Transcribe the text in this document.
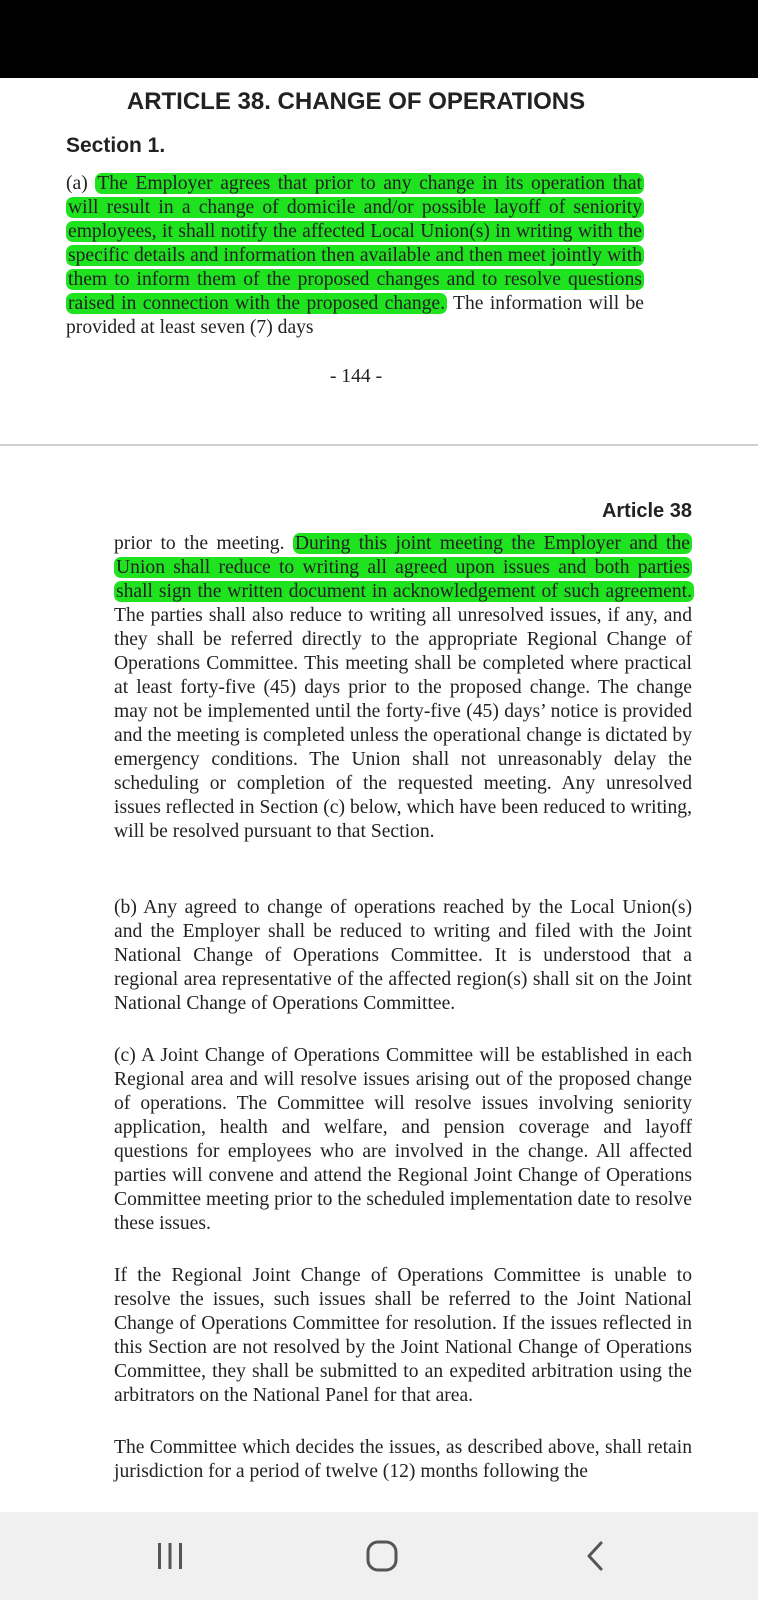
ARTICLE 38. CHANGE OF OPERATIONS
Section 1.

(a) The Employer agrees that prior to any change in its operation that will result in a change of domicile and/or possible layoff of seniority employees, it shall notify the affected Local Union(s) in writing with the specific details and information then available and then meet jointly with them to inform them of the proposed changes and to resolve questions raised in connection with the proposed change. The information will be provided at least seven (7) days

- 144 -
Article 38

prior to the meeting. During this joint meeting the Employer and the Union shall reduce to writing all agreed upon issues and both parties shall sign the written document in acknowledgement of such agreement. The parties shall also reduce to writing all unresolved issues, if any, and they shall be referred directly to the appropriate Regional Change of Operations Committee. This meeting shall be completed where practical at least forty-five (45) days prior to the proposed change. The change may not be implemented until the forty-five (45) days’ notice is provided and the meeting is completed unless the operational change is dictated by emergency conditions. The Union shall not unreasonably delay the scheduling or completion of the requested meeting. Any unresolved issues reflected in Section (c) below, which have been reduced to writing, will be resolved pursuant to that Section.

(b) Any agreed to change of operations reached by the Local Union(s) and the Employer shall be reduced to writing and filed with the Joint National Change of Operations Committee. It is understood that a regional area representative of the affected region(s) shall sit on the Joint National Change of Operations Committee.

(c) A Joint Change of Operations Committee will be established in each Regional area and will resolve issues arising out of the proposed change of operations. The Committee will resolve issues involving seniority application, health and welfare, and pension coverage and layoff questions for employees who are involved in the change. All affected parties will convene and attend the Regional Joint Change of Operations Committee meeting prior to the scheduled implementation date to resolve these issues.

If the Regional Joint Change of Operations Committee is unable to resolve the issues, such issues shall be referred to the Joint National Change of Operations Committee for resolution. If the issues reflected in this Section are not resolved by the Joint National Change of Operations Committee, they shall be submitted to an expedited arbitration using the arbitrators on the National Panel for that area.

The Committee which decides the issues, as described above, shall retain jurisdiction for a period of twelve (12) months following the
